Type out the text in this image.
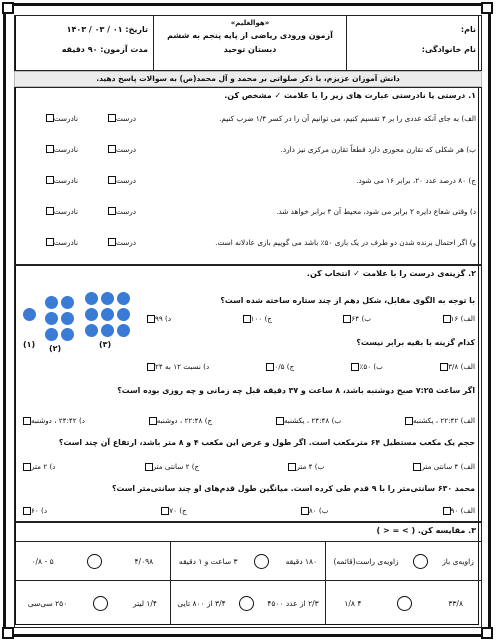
نام:
نام خانوادگی:
«هوالعلیم»
آزمون ورودی ریاضی از پایه پنجم به ششم
دبستان توحید
تاریخ: ۰۱ / ۰۳ / ۱۴۰۳
مدت آزمون: ۹۰ دقیقه
دانش آموزان عزیزم، با ذکر صلواتی بر محمد و آل محمد(ص) به سوالات پاسخ دهید.
۱. درستی یا نادرستی عبارت های زیر را با علامت ✓ مشخص کن.
الف) به جای آنکه عددی را بر ۴ تقسیم کنیم، می توانیم آن را در کسر ۱/۴ ضرب کنیم.
درست
نادرست
ب) هر شکلی که تقارن محوری دارد قطعاً تقارن مرکزی نیز دارد.
درست
نادرست
ج) ۸۰ درصد عدد ۲۰، برابر ۱۶ می شود.
درست
نادرست
د) وقتی شعاع دایره ۲ برابر می شود، محیط آن ۴ برابر خواهد شد.
درست
نادرست
و) اگر احتمال برنده شدن دو طرف در یک بازی ۵۰٪ باشد می گوییم بازی عادلانه است.
درست
نادرست
۲. گزینه‌ی درست را با علامت ✓ انتخاب کن.
(۱) (۲)	(۳)
با توجه به الگوی مقابل، شکل دهم از چند ستاره ساخته شده است؟
الف) ۱۶
ب) ۶۴
ج) ۱۰۰
د) ۹۹
کدام گزینه با بقیه برابر نیست؟
الف) ۳/۸
ب) ۵۰٪
ج) ۰/۵
د) نسبت ۱۲ به ۲۴
اگر ساعت ۷:۲۵ صبح دوشنبه باشد، ۸ ساعت و ۳۷ دقیقه قبل چه زمانی و چه روزی بوده است؟
الف) ۲۲:۴۲ ، یکشنبه
ب) ۲۴:۴۸ ، یکشنبه
ج) ۲۲:۴۸ ، دوشنبه
د) ۲۴:۴۲ ، دوشنبه
حجم یک مکعب مستطیل ۶۴ مترمکعب است. اگر طول و عرض این مکعب ۴ و ۸ متر باشد، ارتفاع آن چند است؟
الف) ۴ سانتی متر
ب) ۴ متر
ج) ۲ سانتی متر
د) ۲ متر
محمد ۶۳۰ سانتی‌متر را با ۹ قدم طی کرده است. میانگین طول قدم‌های او چند سانتی‌متر است؟
الف) ۹۰
ب) ۸۰
ج) ۷۰
د) ۶۰
۳. مقایسه کن. ( > = < )
زاویه‌ی باز
زاویه‌ی راست(قائمه)
۱۸۰ دقیقه
۳ ساعت و ۱ دقیقه
۴/۰۹۸
۵ - ۰/۸
۳۳/۸
۴ ۱/۸
۲/۳ از عدد ۴۵۰۰
۳/۴ از ۸۰۰ تایی
۱/۴ لیتر
۲۵۰ سی‌سی
